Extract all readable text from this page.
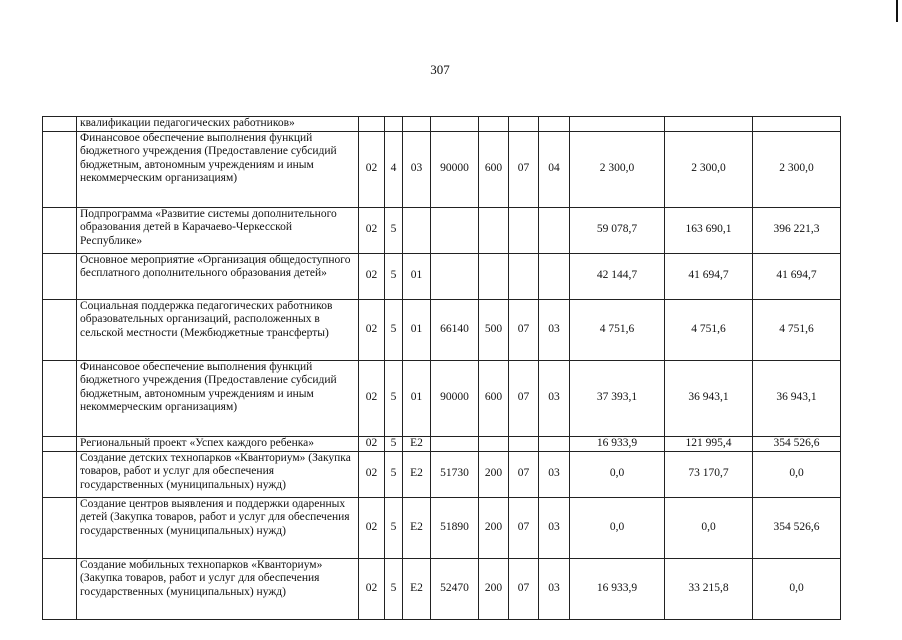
307
	квалификации педагогических работников»										
	Финансовое обеспечение выполнения функций бюджетного учреждения (Предоставление субсидий бюджетным, автономным учреждениям и иным некоммерческим организациям)	02	4	03	90000	600	07	04	2 300,0	2 300,0	2 300,0
	Подпрограмма «Развитие системы дополнительного образования детей в Карачаево-Черкесской Республике»	02	5						59 078,7	163 690,1	396 221,3
	Основное мероприятие «Организация общедоступного бесплатного дополнительного образования детей»	02	5	01					42 144,7	41 694,7	41 694,7
	Социальная поддержка педагогических работников образовательных организаций, расположенных в сельской местности (Межбюджетные трансферты)	02	5	01	66140	500	07	03	4 751,6	4 751,6	4 751,6
	Финансовое обеспечение выполнения функций бюджетного учреждения (Предоставление субсидий бюджетным, автономным учреждениям и иным некоммерческим организациям)	02	5	01	90000	600	07	03	37 393,1	36 943,1	36 943,1
	Региональный проект «Успех каждого ребенка»	02	5	E2					16 933,9	121 995,4	354 526,6
	Создание детских технопарков «Кванториум» (Закупка товаров, работ и услуг для обеспечения государственных (муниципальных) нужд)	02	5	E2	51730	200	07	03	0,0	73 170,7	0,0
	Создание центров выявления и поддержки одаренных детей (Закупка товаров, работ и услуг для обеспечения государственных (муниципальных) нужд)	02	5	E2	51890	200	07	03	0,0	0,0	354 526,6
	Создание мобильных технопарков «Кванториум» (Закупка товаров, работ и услуг для обеспечения государственных (муниципальных) нужд)	02	5	E2	52470	200	07	03	16 933,9	33 215,8	0,0
